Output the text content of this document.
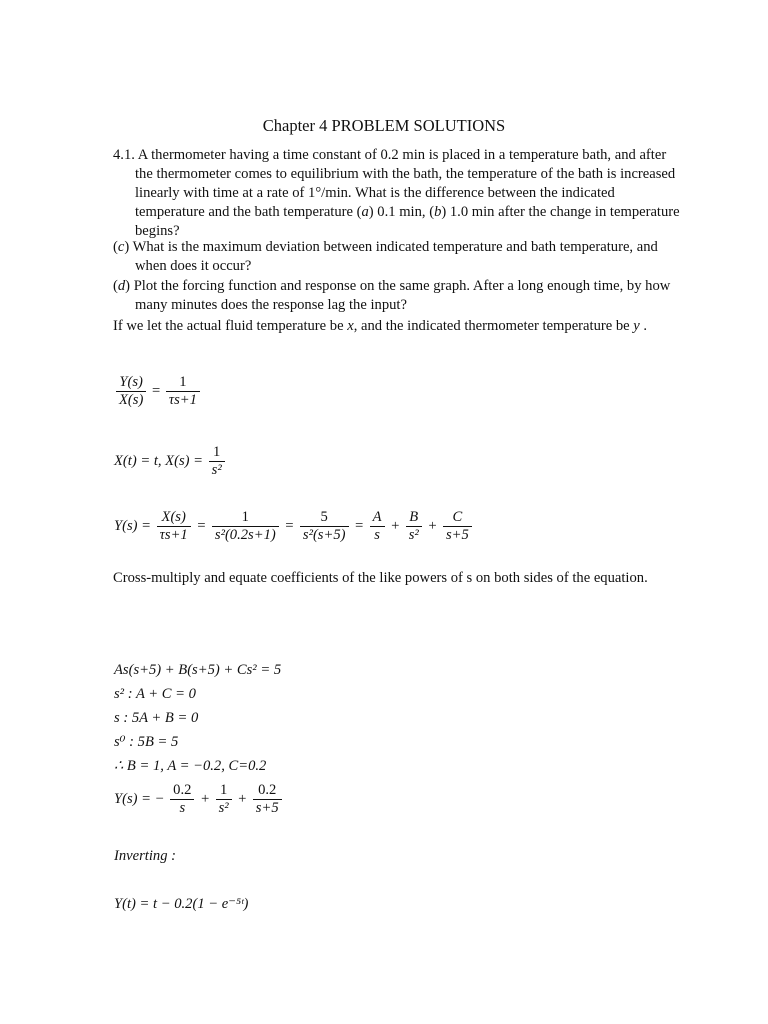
Chapter 4 PROBLEM SOLUTIONS
4.1. A thermometer having a time constant of 0.2 min is placed in a temperature bath, and after the thermometer comes to equilibrium with the bath, the temperature of the bath is increased linearly with time at a rate of 1°/min. What is the difference between the indicated temperature and the bath temperature (a) 0.1 min, (b) 1.0 min after the change in temperature begins?
(c) What is the maximum deviation between indicated temperature and bath temperature, and when does it occur?
(d) Plot the forcing function and response on the same graph. After a long enough time, by how many minutes does the response lag the input?
If we let the actual fluid temperature be x, and the indicated thermometer temperature be y .
$\frac{Y(s)}{X(s)} = \frac{1}{\tau s+1}$
X(t) = t, $X(s) = \frac{1}{\text{s²}}$
$Y(s) = \frac{X(s)}{\tau s+1} = \frac{1}{\text{s²(0.2s+1)}} = \frac{5}{\text{s²(s+5)}} = \frac{A}{s} + \frac{B}{\text{s²}} + \frac{C}{s+5}$
Cross-multiply and equate coefficients of the like powers of s on both sides of the equation.
As(s+5) + B(s+5) + Cs² = 5
s² : A + C = 0
s : 5A + B = 0
s⁰ : 5B = 5
∴ B = 1, A = −0.2, C=0.2
Y(s) = − $\frac{0.2}{s} + \frac{1}{\text{s²}} + \frac{0.2}{s+5}$
Inverting :
Y(t) = t − 0.2(1 − e⁻⁵ᵗ)
